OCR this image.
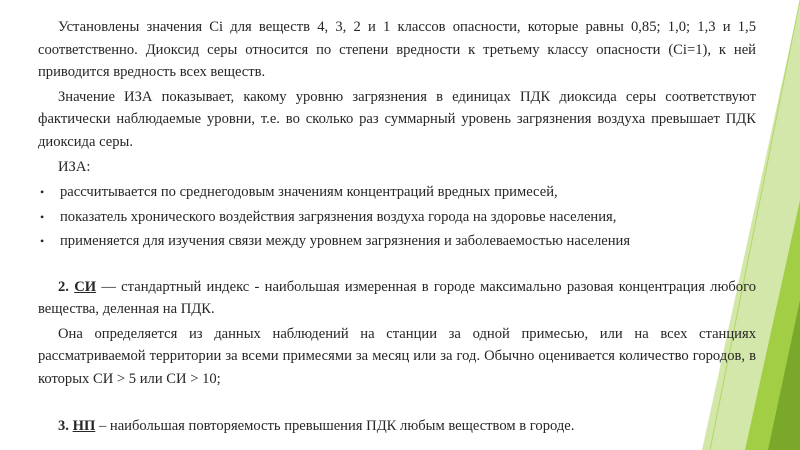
Установлены значения Ci для веществ 4, 3, 2 и 1 классов опасности, которые равны 0,85; 1,0; 1,3 и 1,5 соответственно. Диоксид серы относится по степени вредности к третьему классу опасности (Ci=1), к ней приводится вредность всех веществ.

Значение ИЗА показывает, какому уровню загрязнения в единицах ПДК диоксида серы соответствуют фактически наблюдаемые уровни, т.е. во сколько раз суммарный уровень загрязнения воздуха превышает ПДК диоксида серы.

ИЗА:

• рассчитывается по среднегодовым значениям концентраций вредных примесей,
• показатель хронического воздействия загрязнения воздуха города на здоровье населения,
• применяется для изучения связи между уровнем загрязнения и заболеваемостью населения

2. СИ — стандартный индекс - наибольшая измеренная в городе максимально разовая концентрация любого вещества, деленная на ПДК.

Она определяется из данных наблюдений на станции за одной примесью, или на всех станциях рассматриваемой территории за всеми примесями за месяц или за год. Обычно оценивается количество городов, в которых СИ > 5 или СИ > 10;

3. НП – наибольшая повторяемость превышения ПДК любым веществом в городе.
